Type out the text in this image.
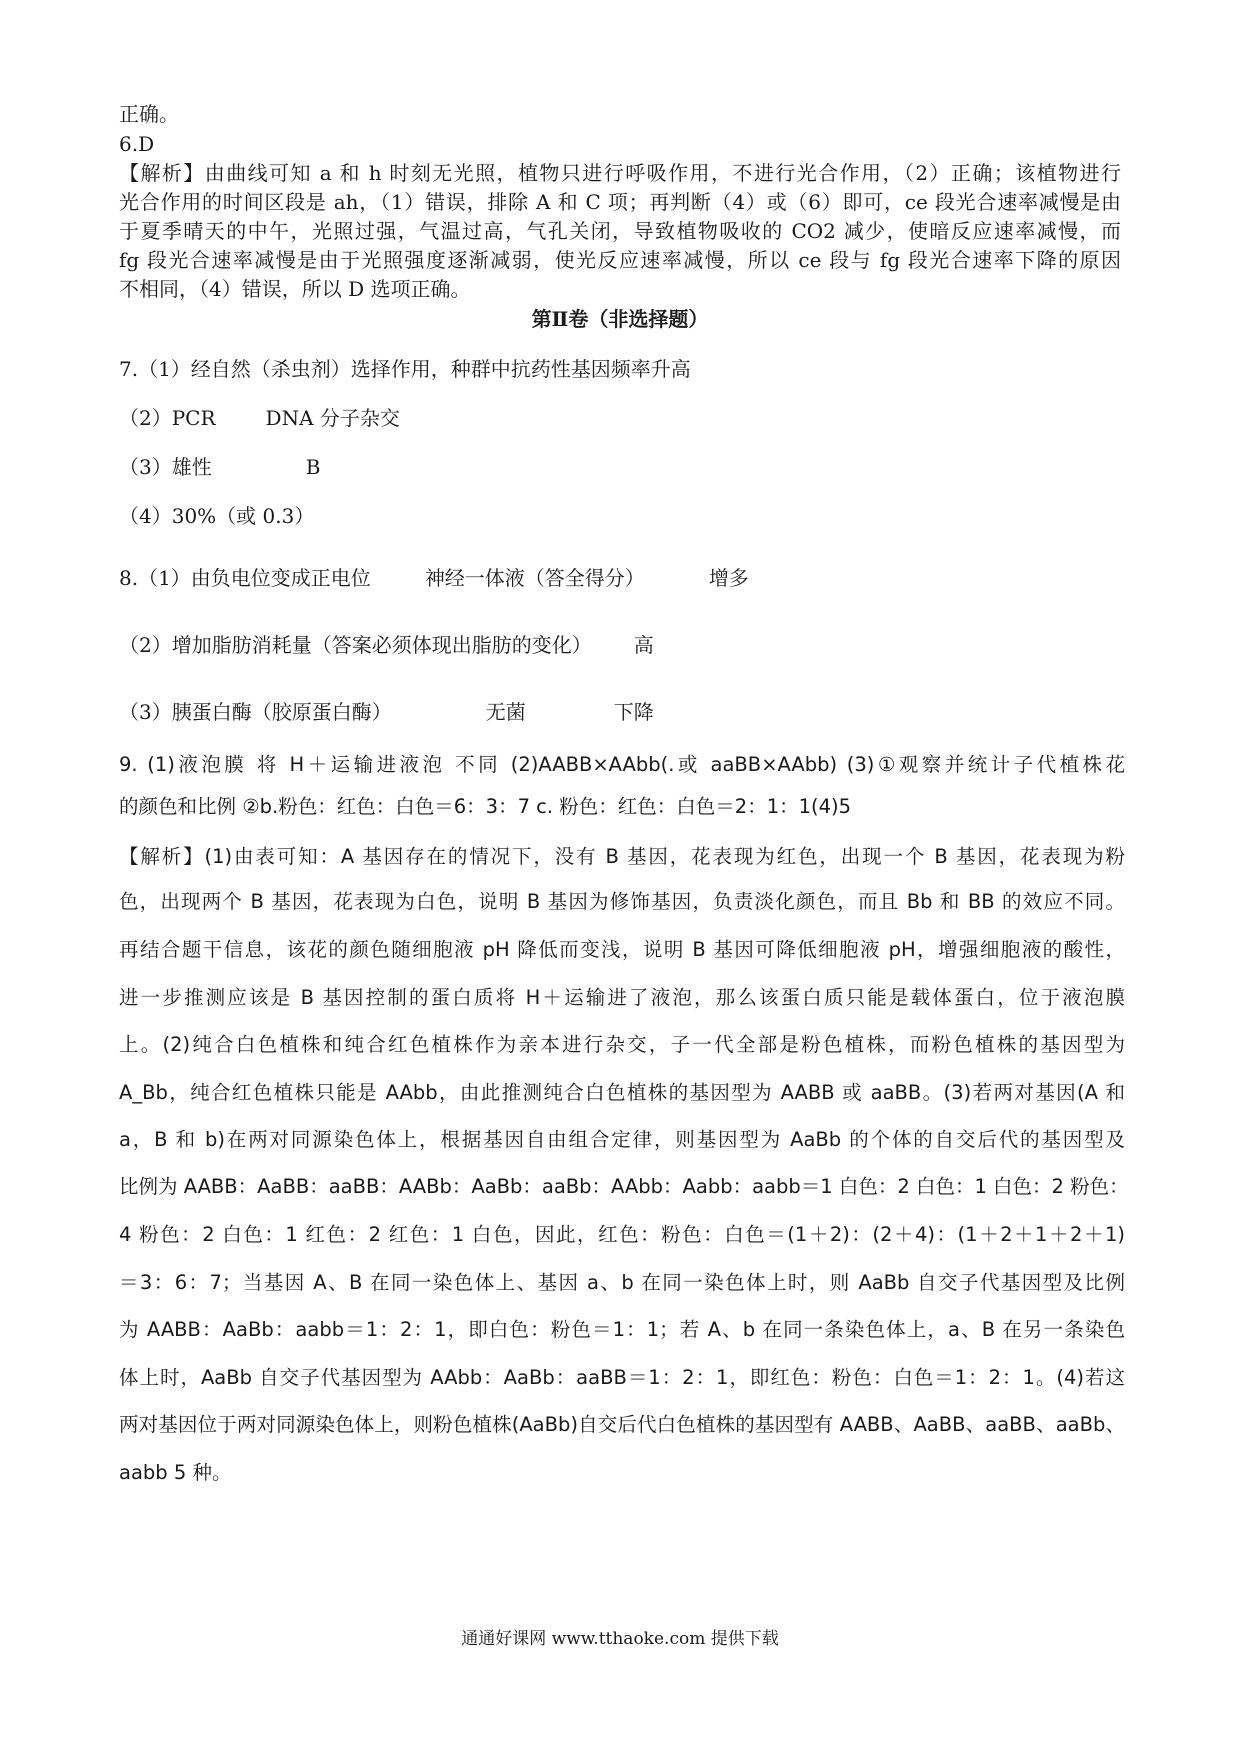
正确。
6.D
【解析】由曲线可知 a 和 h 时刻无光照，植物只进行呼吸作用，不进行光合作用，（2）正确；该植物进行
光合作用的时间区段是 ah，（1）错误，排除 A 和 C 项；再判断（4）或（6）即可，ce 段光合速率减慢是由
于夏季晴天的中午，光照过强，气温过高，气孔关闭，导致植物吸收的 CO2 减少，使暗反应速率减慢，而
fg 段光合速率减慢是由于光照强度逐渐减弱，使光反应速率减慢，所以 ce 段与 fg 段光合速率下降的原因
不相同，（4）错误，所以 D 选项正确。
第Ⅱ卷（非选择题）
7.（1）经自然（杀虫剂）选择作用，种群中抗药性基因频率升高
（2）PCR	DNA 分子杂交
（3）雄性	B
（4）30%（或 0.3）
8.（1）由负电位变成正电位	神经一体液（答全得分）	增多
（2）增加脂肪消耗量（答案必须体现出脂肪的变化） 高
（3）胰蛋白酶（胶原蛋白酶）	无菌	下降
9. (1)液泡膜 将 H＋运输进液泡 不同 (2)AABB×AAbb(.或 aaBB×AAbb) (3)①观察并统计子代植株花
的颜色和比例 ②b.粉色：红色：白色＝6：3：7 c. 粉色：红色：白色＝2：1：1(4)5
【解析】(1)由表可知：A 基因存在的情况下，没有 B 基因，花表现为红色，出现一个 B 基因，花表现为粉
色，出现两个 B 基因，花表现为白色，说明 B 基因为修饰基因，负责淡化颜色，而且 Bb 和 BB 的效应不同。
再结合题干信息，该花的颜色随细胞液 pH 降低而变浅，说明 B 基因可降低细胞液 pH，增强细胞液的酸性，
进一步推测应该是 B 基因控制的蛋白质将 H＋运输进了液泡，那么该蛋白质只能是载体蛋白，位于液泡膜
上。(2)纯合白色植株和纯合红色植株作为亲本进行杂交，子一代全部是粉色植株，而粉色植株的基因型为
A_Bb，纯合红色植株只能是 AAbb，由此推测纯合白色植株的基因型为 AABB 或 aaBB。(3)若两对基因(A 和
a，B 和 b)在两对同源染色体上，根据基因自由组合定律，则基因型为 AaBb 的个体的自交后代的基因型及
比例为 AABB：AaBB：aaBB：AABb：AaBb：aaBb：AAbb：Aabb：aabb＝1 白色：2 白色：1 白色：2 粉色：
4 粉色：2 白色：1 红色：2 红色：1 白色，因此，红色：粉色：白色＝(1＋2)：(2＋4)：(1＋2＋1＋2＋1)
＝3：6：7；当基因 A、B 在同一染色体上、基因 a、b 在同一染色体上时，则 AaBb 自交子代基因型及比例
为 AABB：AaBb：aabb＝1：2：1，即白色：粉色＝1：1；若 A、b 在同一条染色体上，a、B 在另一条染色
体上时，AaBb 自交子代基因型为 AAbb：AaBb：aaBB＝1：2：1，即红色：粉色：白色＝1：2：1。(4)若这
两对基因位于两对同源染色体上，则粉色植株(AaBb)自交后代白色植株的基因型有 AABB、AaBB、aaBB、aaBb、
aabb 5 种。
通通好课网 www.tthaoke.com 提供下载
